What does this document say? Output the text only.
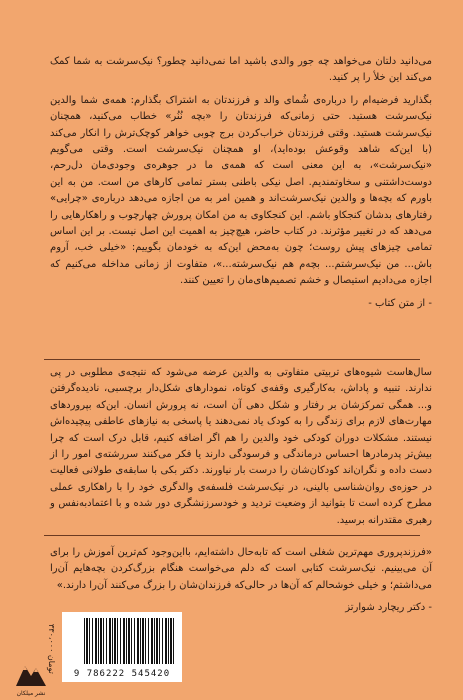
می‌دانید دلتان می‌خواهد چه جور والدی باشید اما نمی‌دانید چطور؟ نیک‌سرشت به شما کمک می‌کند این خلأ را پر کنید.

بگذارید فرضیه‌ام را درباره‌ی شُمای والد و فرزندتان به اشتراک بگذارم: همه‌ی شما والدین نیک‌سرشت هستید. حتی زمانی‌که فرزندتان را «بچه نُنُر» خطاب می‌کنید، همچنان نیک‌سرشت هستید. وقتی فرزندتان خراب‌کردن برج چوبی خواهر کوچک‌ترش را انکار می‌کند (با این‌که شاهد وقوعش بوده‌اید)، او همچنان نیک‌سرشت است. وقتی می‌گویم «نیک‌سرشت»، به این معنی است که همه‌ی ما در جوهره‌ی وجودی‌مان دل‌رحم، دوست‌داشتنی و سخاوتمندیم. اصل نیکی باطنی بستر تمامی کارهای من است. من به این باورم که بچه‌ها و والدین نیک‌سرشت‌اند و همین امر به من اجازه می‌دهد درباره‌ی «چرایی» رفتارهای بدشان کنجکاو باشم. این کنجکاوی به من امکان پرورش چهارچوب و راهکارهایی را می‌دهد که در تغییر مؤثرند. در کتاب حاضر، هیچ‌چیز به اهمیت این اصل نیست. بر این اساس تمامی چیزهای پیش روست؛ چون به‌محض این‌که به خودمان بگوییم: «خیلی خب، آروم باش... من نیک‌سرشتم... بچه‌م هم نیک‌سرشته...»، متفاوت از زمانی مداخله می‌کنیم که اجازه می‌دادیم استیصال و خشم تصمیم‌های‌مان را تعیین کنند.

- از متن کتاب -

سال‌هاست شیوه‌های تربیتی متفاوتی به والدین عرضه می‌شود که نتیجه‌ی مطلوبی در پی ندارند. تنبیه و پاداش، به‌کارگیری وقفه‌ی کوتاه، نمودارهای شکل‌دار برچسبی، نادیده‌گرفتن و... همگی تمرکزشان بر رفتار و شکل دهی آن است، نه پرورش انسان. این‌که بپروردهای مهارت‌های لازم برای زندگی را به کودک یاد نمی‌دهند یا پاسخی به نیازهای عاطفی پیچیده‌اش نیستند. مشکلات دوران کودکی خود والدین را هم اگر اضافه کنیم، قابل درک است که چرا بیش‌تر پدرمادرها احساس درماندگی و فرسودگی دارند یا فکر می‌کنند سررشته‌ی امور را از دست داده و نگران‌اند کودکان‌شان را درست بار نیاورند. دکتر بکی با سابقه‌ی طولانی فعالیت در حوزه‌ی روان‌شناسی بالینی، در نیک‌سرشت فلسفه‌ی والدگری خود را با راهکاری عملی مطرح کرده است تا بتوانید از وضعیت تردید و خودسرزنشگری دور شده و با اعتمادبه‌نفس و رهبری مقتدرانه برسید.

«فرزندپروری مهم‌ترین شغلی است که تابه‌حال داشته‌ایم، با‌این‌وجود کم‌ترین آموزش را برای آن می‌بینیم. نیک‌سرشت کتابی است که دلم می‌خواست هنگام بزرگ‌کردن بچه‌هایم آن‌را می‌داشتم؛ و خیلی خوشحالم که آن‌ها در حالی‌که فرزندان‌شان را بزرگ می‌کنند آن‌را دارند.»

- دکتر ریچارد شوارتز
۳۳۰،۰۰۰ تومان
9 786222 545420
نشر میلکان
